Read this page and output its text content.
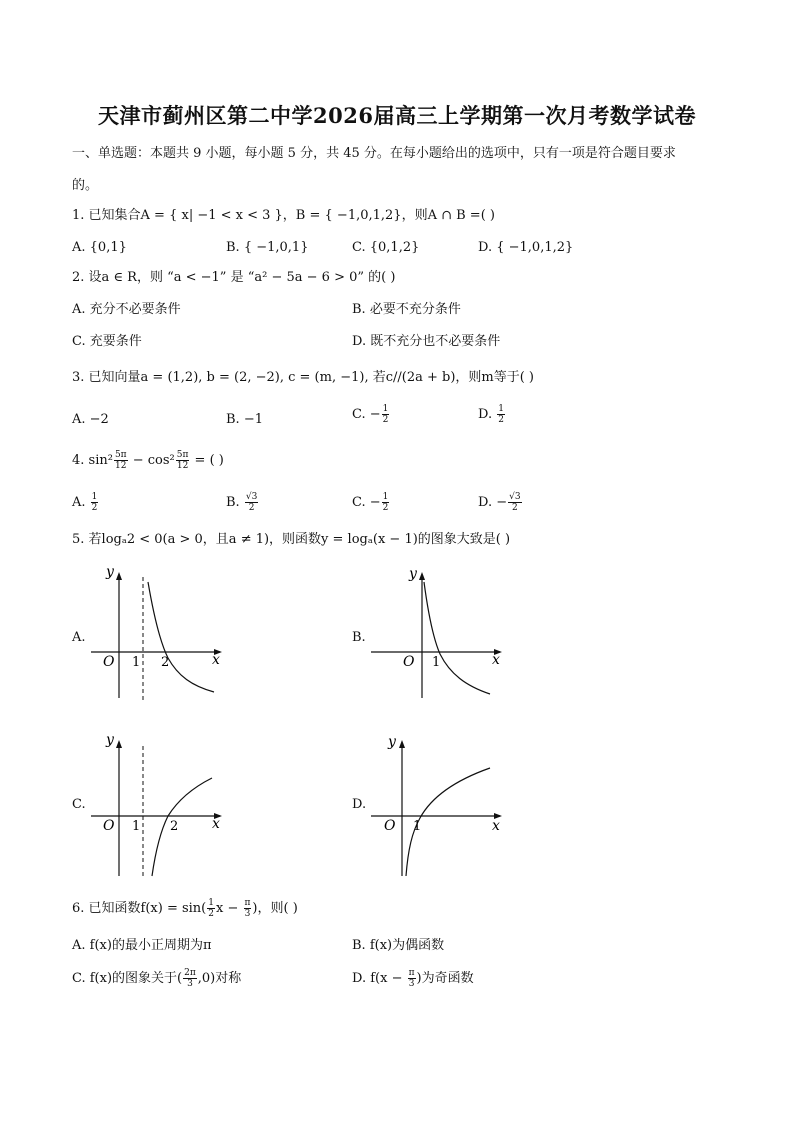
天津市蓟州区第二中学2026届高三上学期第一次月考数学试卷
一、单选题：本题共 9 小题，每小题 5 分，共 45 分。在每小题给出的选项中，只有一项是符合题目要求
的。
1. 已知集合A = { x| −1 < x < 3 }，B = { −1,0,1,2}，则A ∩ B =( )
A. {0,1}	B. { −1,0,1}	C. {0,1,2}	D. { −1,0,1,2}
2. 设a ∈ R，则 “a < −1” 是 “a² − 5a − 6 > 0” 的( )
A. 充分不必要条件	B. 必要不充分条件
C. 充要条件	D. 既不充分也不必要条件
3. 已知向量a = (1,2), b = (2, −2), c = (m, −1), 若c//(2a + b)，则m等于( )
A. −2	B. −1	C. − $\frac{1}{2}$	D. $\frac{1}{2}$
4. $\sin^2 \frac{5\pi}{12} - \cos^2 \frac{5\pi}{12}$ = ( )
A. $\frac{1}{2}$	B. $\frac{√3}{2}$	C. − $\frac{1}{2}$	D. − $\frac{√3}{2}$
5. 若logₐ2 < 0(a > 0，且a ≠ 1)，则函数y = logₐ(x − 1)的图象大致是( )
A.	B.
C.	D.
y
x
O 1 2
y
x
O 1
y
x
O 1 2
y
x
O 1
6. 已知函数$f(x) = \sin( \frac{1}{2}$ $x - \frac{\pi}{3}$ )，则( )
A. f(x)的最小正周期为π	B. f(x)为偶函数
C. f(x)的图象关于( $\frac{2\pi}{3} ,0$)对称	D. $f(x - \frac{\pi}{3}$ )为奇函数
